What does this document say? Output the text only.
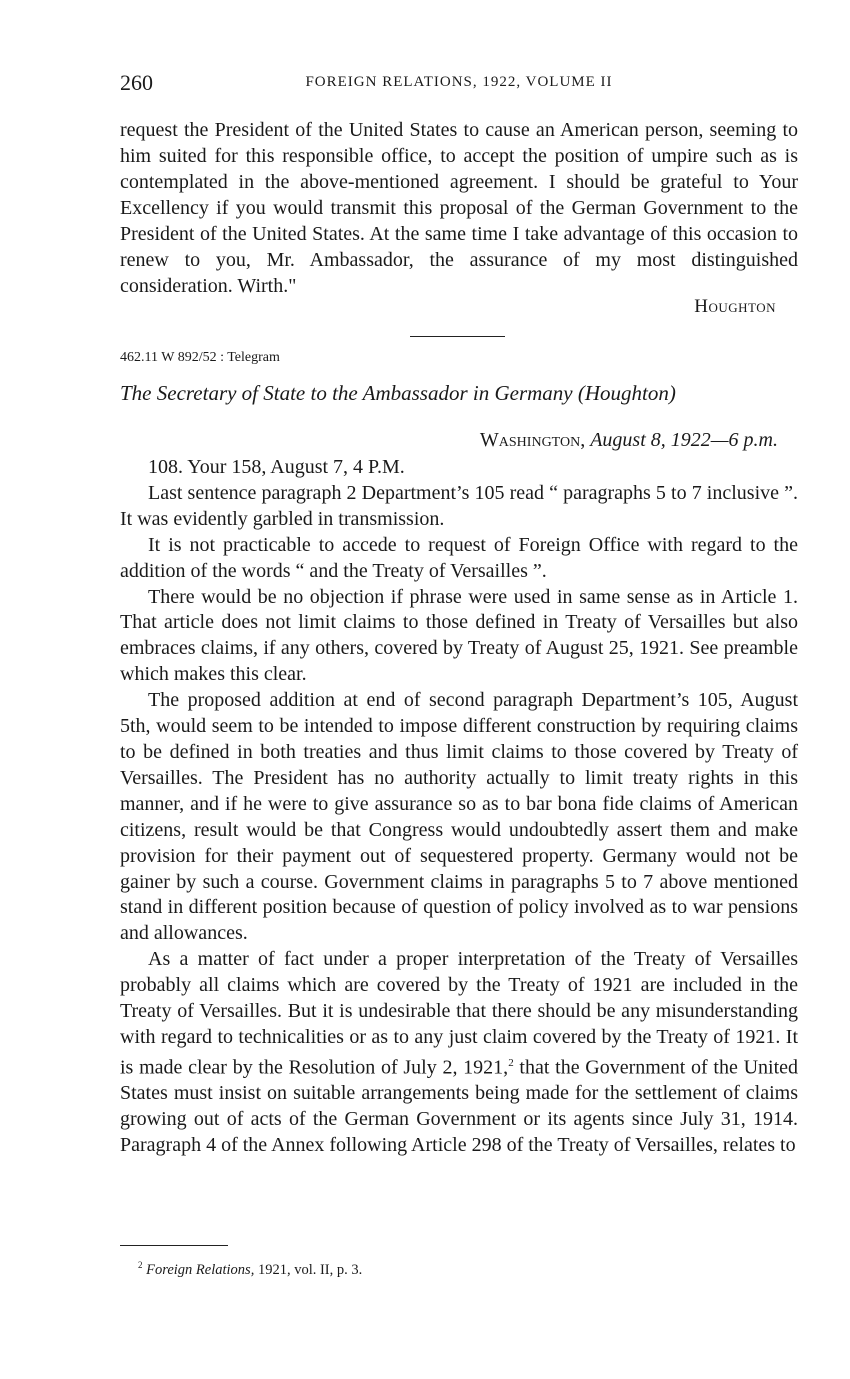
260	FOREIGN RELATIONS, 1922, VOLUME II

request the President of the United States to cause an American person, seeming to him suited for this responsible office, to accept the position of umpire such as is contemplated in the above-mentioned agreement. I should be grateful to Your Excellency if you would transmit this proposal of the German Government to the President of the United States. At the same time I take advantage of this occasion to renew to you, Mr. Ambassador, the assurance of my most distinguished consideration. Wirth."

Houghton
462.11 W 892/52 : Telegram
The Secretary of State to the Ambassador in Germany (Houghton)
Washington, August 8, 1922—6 p.m.

108. Your 158, August 7, 4 P.M.

Last sentence paragraph 2 Department’s 105 read “ paragraphs 5 to 7 inclusive ”. It was evidently garbled in transmission.

It is not practicable to accede to request of Foreign Office with regard to the addition of the words “ and the Treaty of Versailles ”.

There would be no objection if phrase were used in same sense as in Article 1. That article does not limit claims to those defined in Treaty of Versailles but also embraces claims, if any others, covered by Treaty of August 25, 1921. See preamble which makes this clear.

The proposed addition at end of second paragraph Department’s 105, August 5th, would seem to be intended to impose different construction by requiring claims to be defined in both treaties and thus limit claims to those covered by Treaty of Versailles. The President has no authority actually to limit treaty rights in this manner, and if he were to give assurance so as to bar bona fide claims of American citizens, result would be that Congress would undoubtedly assert them and make provision for their payment out of sequestered property. Germany would not be gainer by such a course. Government claims in paragraphs 5 to 7 above mentioned stand in different position because of question of policy involved as to war pensions and allowances.

As a matter of fact under a proper interpretation of the Treaty of Versailles probably all claims which are covered by the Treaty of 1921 are included in the Treaty of Versailles. But it is undesirable that there should be any misunderstanding with regard to technicalities or as to any just claim covered by the Treaty of 1921. It is made clear by the Resolution of July 2, 1921,$^2$ that the Government of the United States must insist on suitable arrangements being made for the settlement of claims growing out of acts of the German Government or its agents since July 31, 1914. Paragraph 4 of the Annex following Article 298 of the Treaty of Versailles, relates to

$^2$ Foreign Relations, 1921, vol. II, p. 3.
